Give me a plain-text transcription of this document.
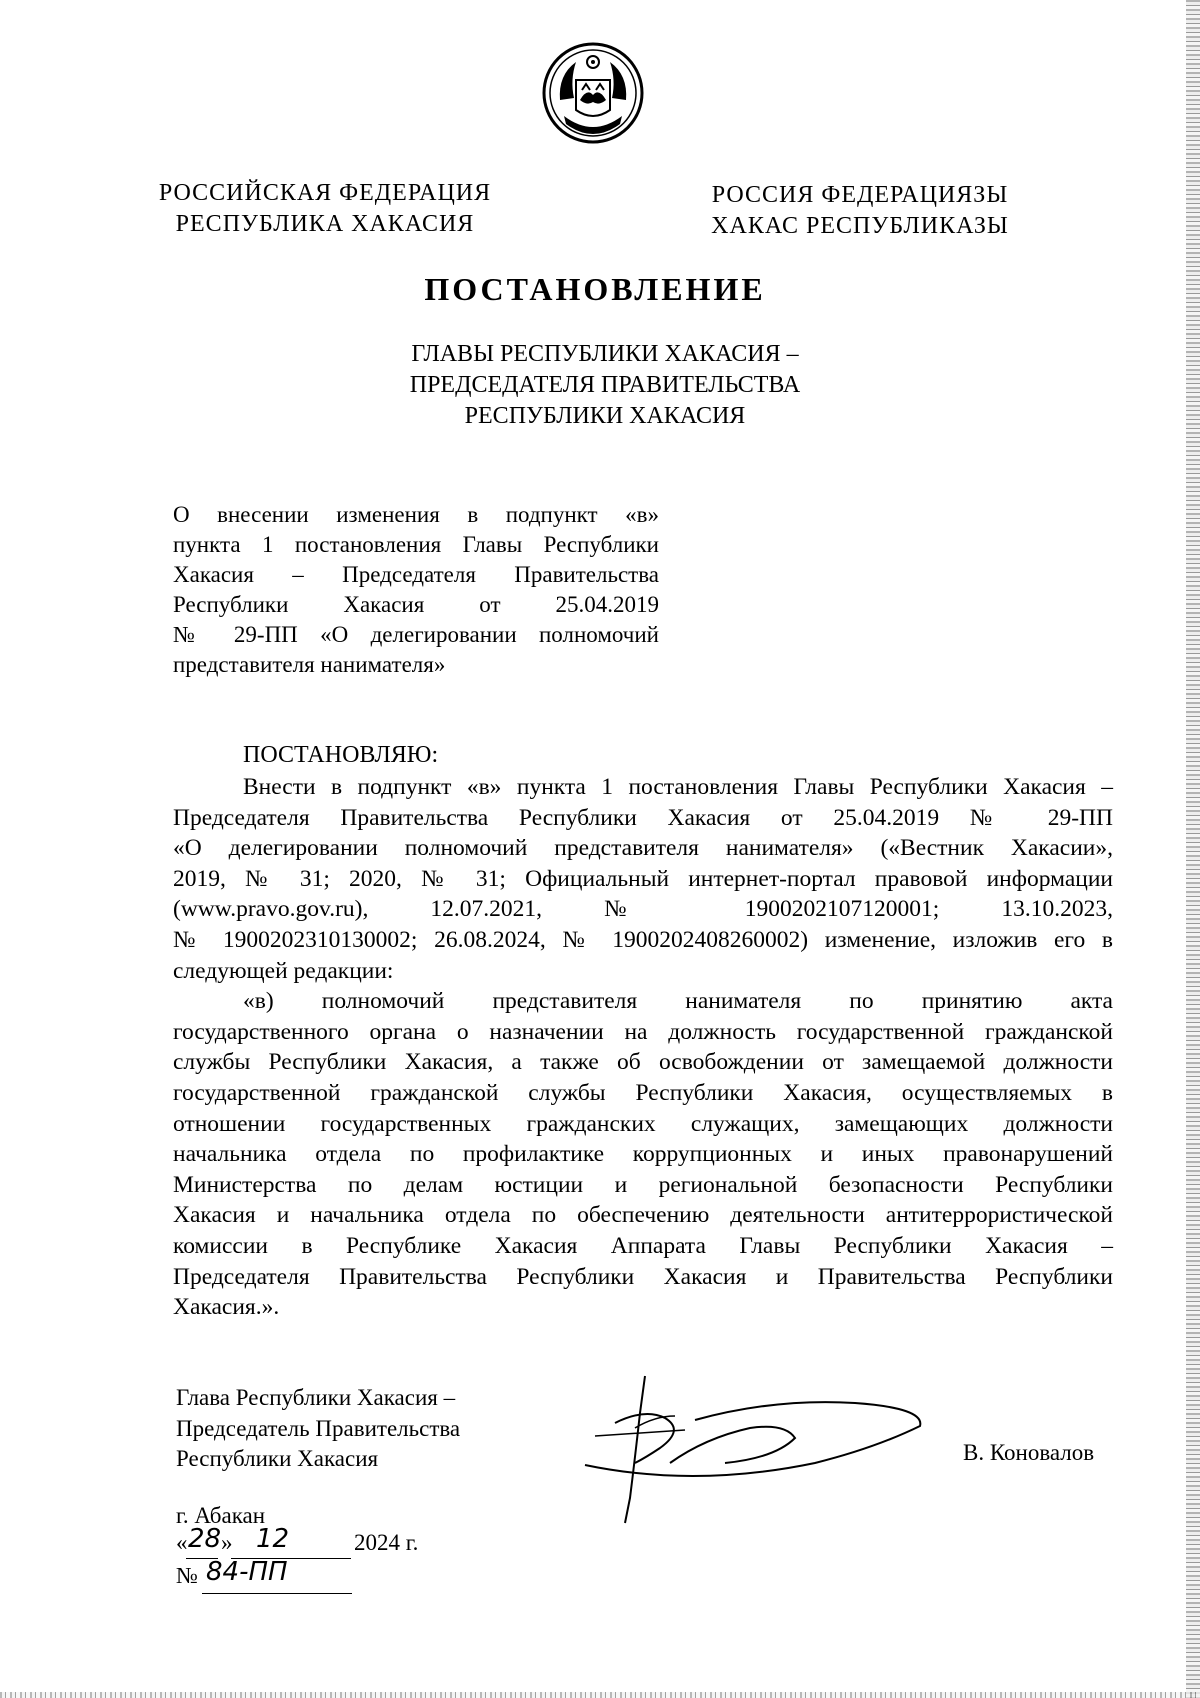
РОССИЙСКАЯ ФЕДЕРАЦИЯ
РЕСПУБЛИКА ХАКАСИЯ
РОССИЯ ФЕДЕРАЦИЯЗЫ
ХАКАС РЕСПУБЛИКАЗЫ
ПОСТАНОВЛЕНИЕ
ГЛАВЫ РЕСПУБЛИКИ ХАКАСИЯ –
ПРЕДСЕДАТЕЛЯ ПРАВИТЕЛЬСТВА
РЕСПУБЛИКИ ХАКАСИЯ
О внесении изменения в подпункт «в»
пункта 1 постановления Главы Республики
Хакасия – Председателя Правительства
Республики Хакасия от 25.04.2019
№ 29-ПП «О делегировании полномочий
представителя нанимателя»
ПОСТАНОВЛЯЮ:
Внести в подпункт «в» пункта 1 постановления Главы Республики Хакасия –
Председателя Правительства Республики Хакасия от 25.04.2019 № 29-ПП
«О делегировании полномочий представителя нанимателя» («Вестник Хакасии»,
2019, № 31; 2020, № 31; Официальный интернет-портал правовой информации
(www.pravo.gov.ru), 12.07.2021, № 1900202107120001; 13.10.2023,
№ 1900202310130002; 26.08.2024, № 1900202408260002) изменение, изложив его в
следующей редакции:
«в) полномочий представителя нанимателя по принятию акта
государственного органа о назначении на должность государственной гражданской
службы Республики Хакасия, а также об освобождении от замещаемой должности
государственной гражданской службы Республики Хакасия, осуществляемых в
отношении государственных гражданских служащих, замещающих должности
начальника отдела по профилактике коррупционных и иных правонарушений
Министерства по делам юстиции и региональной безопасности Республики
Хакасия и начальника отдела по обеспечению деятельности антитеррористической
комиссии в Республике Хакасия Аппарата Главы Республики Хакасия –
Председателя Правительства Республики Хакасия и Правительства Республики
Хакасия.».
Глава Республики Хакасия –
Председатель Правительства
Республики Хакасия	В. Коновалов
г. Абакан
« 28 » 12	2024 г.
№ 84-ПП
